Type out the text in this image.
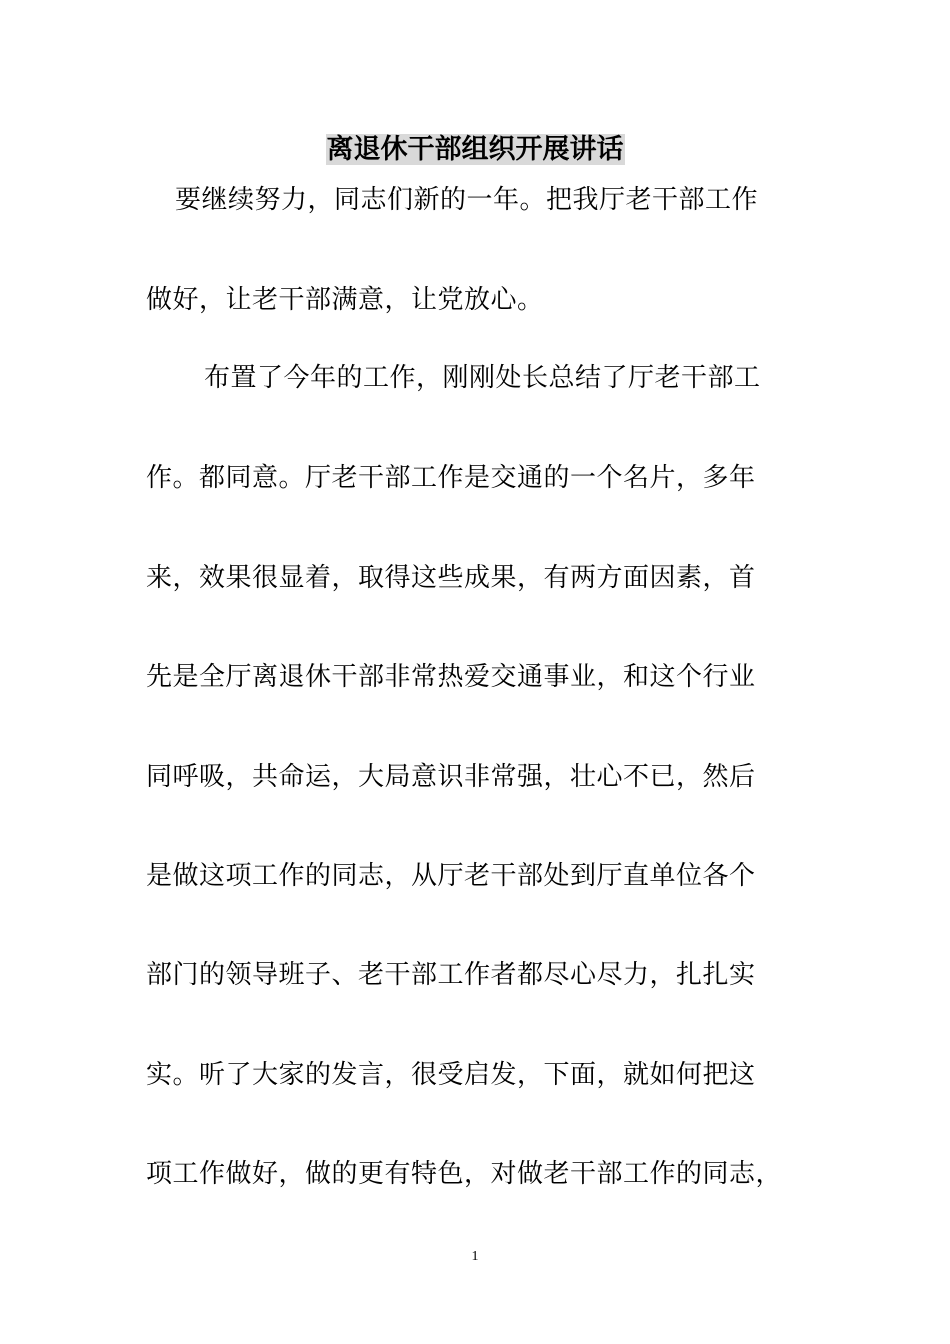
离退休干部组织开展讲话
要继续努力，同志们新的一年。把我厅老干部工作
做好，让老干部满意，让党放心。
布置了今年的工作，刚刚处长总结了厅老干部工
作。都同意。厅老干部工作是交通的一个名片，多年
来，效果很显着，取得这些成果，有两方面因素，首
先是全厅离退休干部非常热爱交通事业，和这个行业
同呼吸，共命运，大局意识非常强，壮心不已，然后
是做这项工作的同志，从厅老干部处到厅直单位各个
部门的领导班子、老干部工作者都尽心尽力，扎扎实
实。听了大家的发言，很受启发，下面，就如何把这
项工作做好，做的更有特色，对做老干部工作的同志，
1
